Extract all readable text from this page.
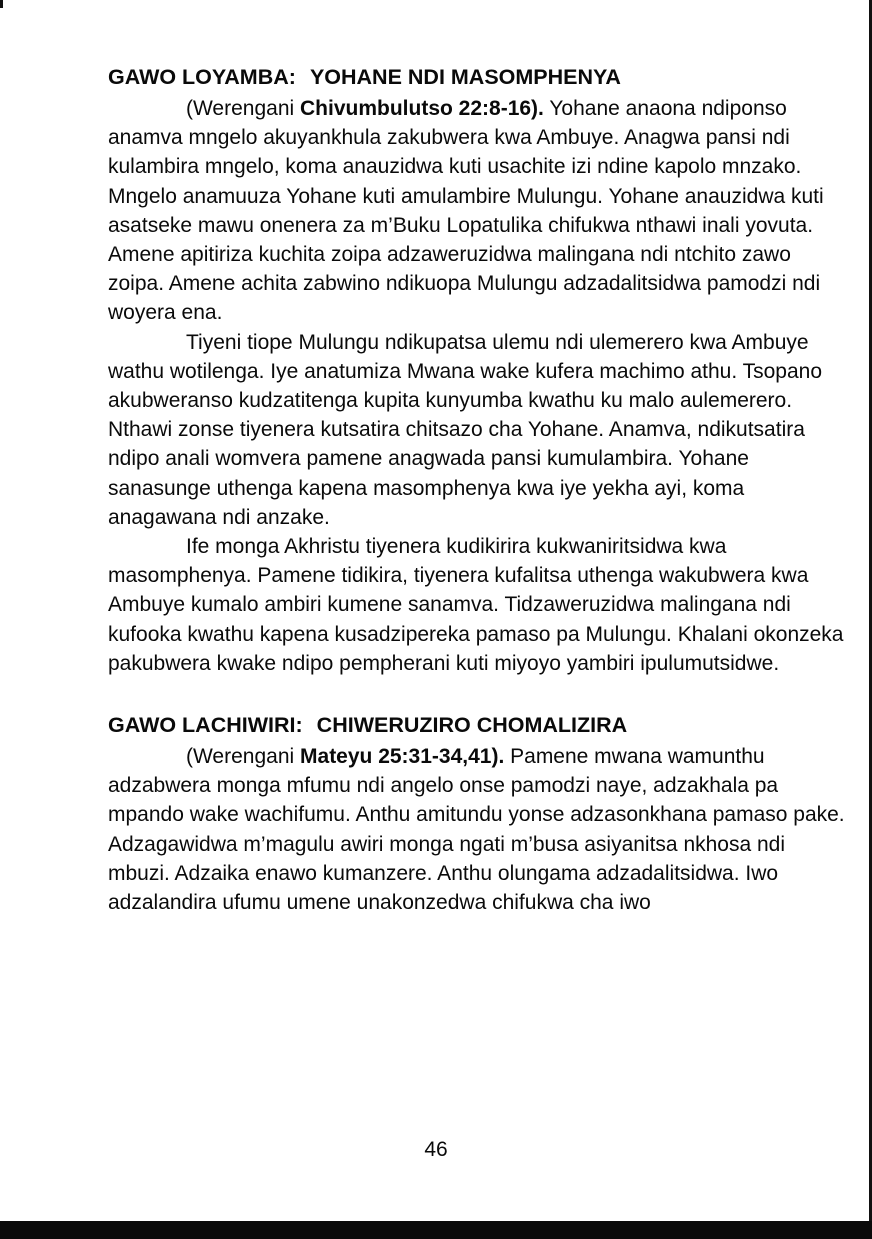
GAWO LOYAMBA: YOHANE NDI MASOMPHENYA

(Werengani Chivumbulutso 22:8-16). Yohane anaona ndiponso anamva mngelo akuyankhula zakubwera kwa Ambuye. Anagwa pansi ndi kulambira mngelo, koma anauzidwa kuti usachite izi ndine kapolo mnzako. Mngelo anamuuza Yohane kuti amulambire Mulungu. Yohane anauzidwa kuti asatseke mawu onenera za m’Buku Lopatulika chifukwa nthawi inali yovuta. Amene apitiriza kuchita zoipa adzaweruzidwa malingana ndi ntchito zawo zoipa. Amene achita zabwino ndikuopa Mulungu adzadalitsidwa pamodzi ndi woyera ena.

Tiyeni tiope Mulungu ndikupatsa ulemu ndi ulemerero kwa Ambuye wathu wotilenga. Iye anatumiza Mwana wake kufera machimo athu. Tsopano akubweranso kudzatitenga kupita kunyumba kwathu ku malo aulemerero. Nthawi zonse tiyenera kutsatira chitsazo cha Yohane. Anamva, ndikutsatira ndipo anali womvera pamene anagwada pansi kumulambira. Yohane sanasunge uthenga kapena masomphenya kwa iye yekha ayi, koma anagawana ndi anzake.

Ife monga Akhristu tiyenera kudikirira kukwaniritsidwa kwa masomphenya. Pamene tidikira, tiyenera kufalitsa uthenga wakubwera kwa Ambuye kumalo ambiri kumene sanamva. Tidzaweruzidwa malingana ndi kufooka kwathu kapena kusadzipereka pamaso pa Mulungu. Khalani okonzeka pakubwera kwake ndipo pempherani kuti miyoyo yambiri ipulumutsidwe.

GAWO LACHIWIRI: CHIWERUZIRO CHOMALIZIRA

(Werengani Mateyu 25:31-34,41). Pamene mwana wamunthu adzabwera monga mfumu ndi angelo onse pamodzi naye, adzakhala pa mpando wake wachifumu. Anthu amitundu yonse adzasonkhana pamaso pake. Adzagawidwa m’magulu awiri monga ngati m’busa asiyanitsa nkhosa ndi mbuzi. Adzaika enawo kumanzere. Anthu olungama adzadalitsidwa. Iwo adzalandira ufumu umene unakonzedwa chifukwa cha iwo

46
